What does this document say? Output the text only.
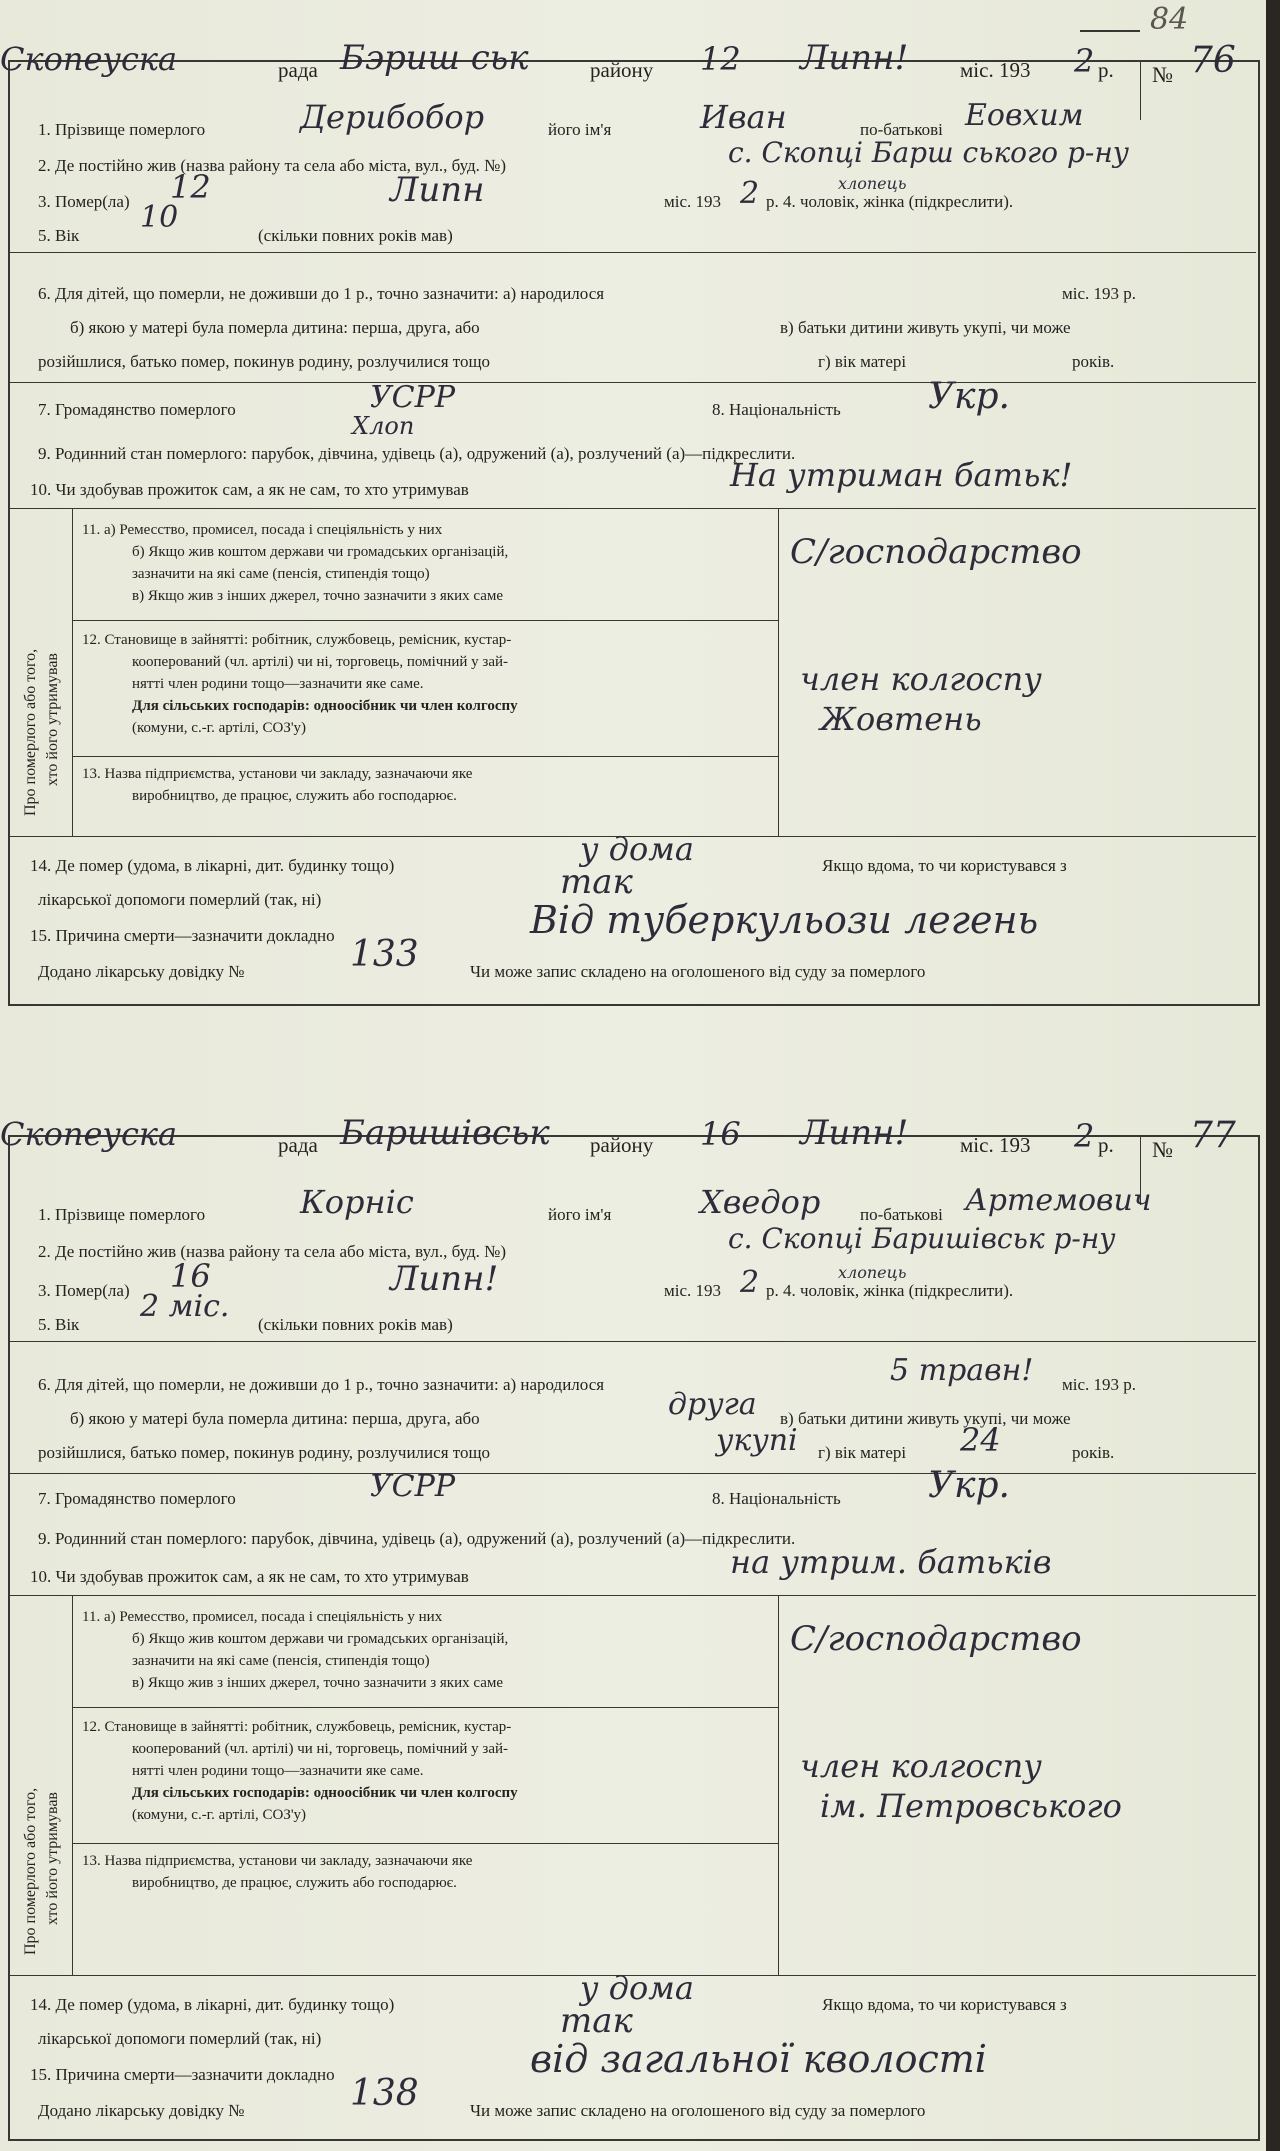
84
Скопеуска	рада Бэриш ськ	району 12 Липн! міс. 193 2 р. № 76
1. Прізвище померлого	Дерибобор	його ім'я	Иван	по-батькові Еовхим
2. Де постійно жив (назва району та села або міста, вул., буд. №)	с. Скопці Барш ського р-ну
3. Помер(ла) 12	Липн	міс. 193 2 р. 4. чоловік, жінка (підкреслити).
хлопець
5. Вік
10
(скільки повних років мав)
6. Для дітей, що померли, не доживши до 1 р., точно зазначити: а) народилося	міс. 193 р.
б) якою у матері була померла дитина: перша, друга, або	в) батьки дитини живуть укупі, чи може
розійшлися, батько помер, покинув родину, розлучилися тощо	г) вік матері	років.
7. Громадянство померлого	УСРР	8. Національність Укр.
9. Родинний стан померлого: парубок, дівчина, удівець (а), одружений (а), розлучений (а)—підкреслити.
Хлоп
10. Чи здобував прожиток сам, а як не сам, то хто утримував	На утриман батьк!
Про померлого або того, хто його утримував
11. а) Ремесство, промисел, посада і спеціяльність у них
б) Якщо жив коштом держави чи громадських організацій,
зазначити на які саме (пенсія, стипендія тощо)
в) Якщо жив з інших джерел, точно зазначити з яких саме
С/господарство
12. Становище в зайнятті: робітник, службовець, ремісник, кустар-
кооперований (чл. артілі) чи ні, торговець, помічний у зай-
нятті член родини тощо—зазначити яке саме.
Для сільських господарів: одноосібник чи член колгоспу
(комуни, с.-г. артілі, СОЗ'у)
член колгоспу
Жовтень
13. Назва підприємства, установи чи закладу, зазначаючи яке
виробництво, де працює, служить або господарює.
14. Де помер (удома, в лікарні, дит. будинку тощо)	у дома	Якщо вдома, то чи користувався з
лікарської допомоги померлий (так, ні)	так
15. Причина смерти—зазначити докладно	Від туберкульози легень
Додано лікарську довідку №	133	Чи може запис складено на оголошеного від суду за померлого
Скопеуска	рада Баришівськ району 16 Липн! міс. 193 2 р. № 77
1. Прізвище померлого	Корніс	його ім'я	Хведор по-батькові Артемович
2. Де постійно жив (назва району та села або міста, вул., буд. №)	с. Скопці Баришівськ р-ну
3. Помер(ла) 16	Липн!	міс. 193 2 р. 4. чоловік, жінка (підкреслити).
хлопець
5. Вік
2 міс.
(скільки повних років мав)
6. Для дітей, що померли, не доживши до 1 р., точно зазначити: а) народилося	5 травн! міс. 193 р.
б) якою у матері була померла дитина: перша, друга, або	друга в) батьки дитини живуть укупі, чи може
розійшлися, батько помер, покинув родину, розлучилися тощо	укупі г) вік матері 24	років.
7. Громадянство померлого	УСРР	8. Національність Укр.
9. Родинний стан померлого: парубок, дівчина, удівець (а), одружений (а), розлучений (а)—підкреслити.
10. Чи здобував прожиток сам, а як не сам, то хто утримував	на утрим. батьків
Про померлого або того, хто його утримував
11. а) Ремесство, промисел, посада і спеціяльність у них
б) Якщо жив коштом держави чи громадських організацій,
зазначити на які саме (пенсія, стипендія тощо)
в) Якщо жив з інших джерел, точно зазначити з яких саме
С/господарство
12. Становище в зайнятті: робітник, службовець, ремісник, кустар-
кооперований (чл. артілі) чи ні, торговець, помічний у зай-
нятті член родини тощо—зазначити яке саме.
Для сільських господарів: одноосібник чи член колгоспу
(комуни, с.-г. артілі, СОЗ'у)
член колгоспу
ім. Петровського
13. Назва підприємства, установи чи закладу, зазначаючи яке
виробництво, де працює, служить або господарює.
14. Де помер (удома, в лікарні, дит. будинку тощо)	у дома	Якщо вдома, то чи користувався з
лікарської допомоги померлий (так, ні)	так
15. Причина смерти—зазначити докладно	від загальної кволості
Додано лікарську довідку №	138	Чи може запис складено на оголошеного від суду за померлого
